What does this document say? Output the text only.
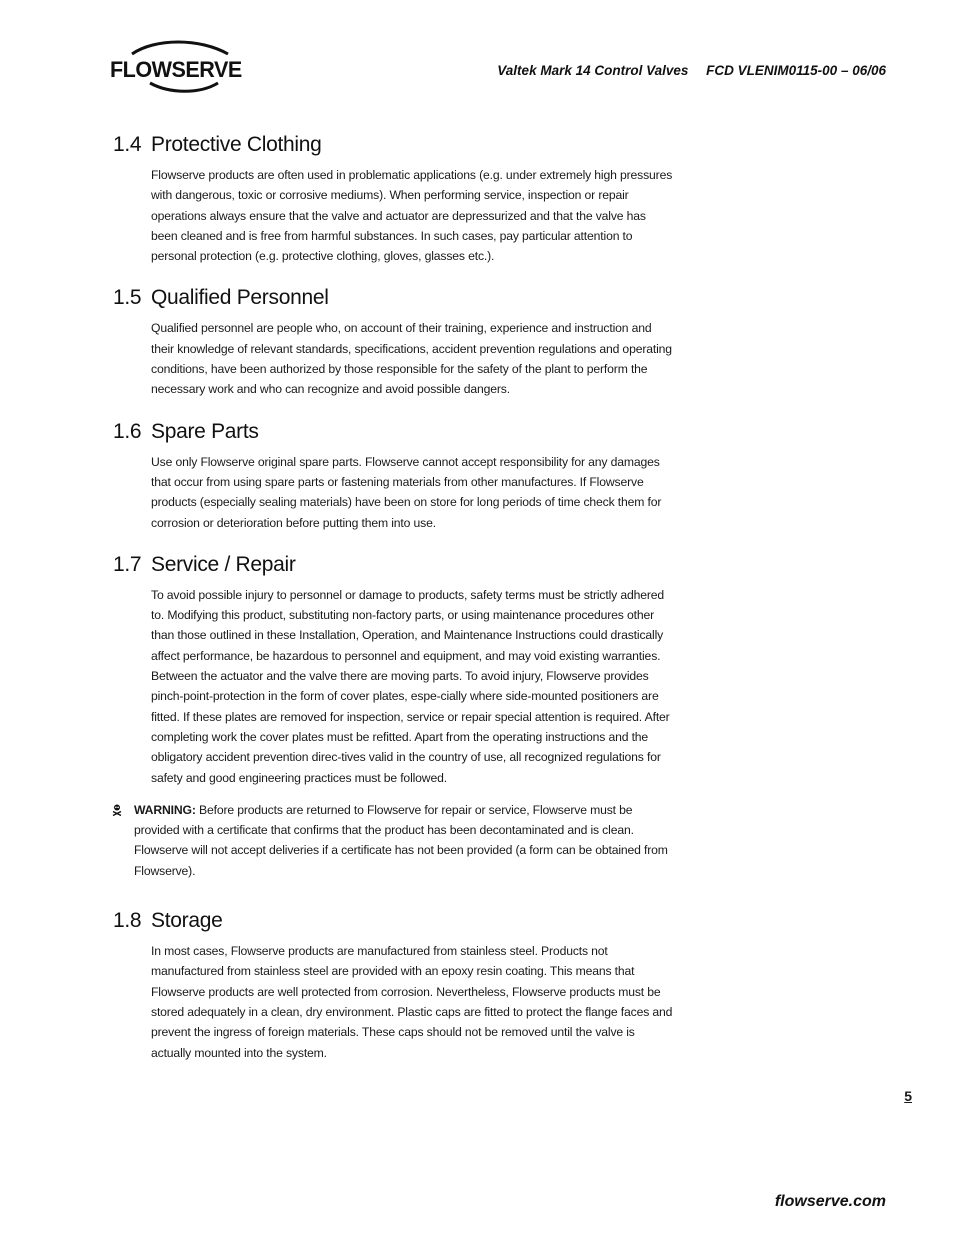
FLOWSERVE	Valtek Mark 14 Control Valves FCD VLENIM0115-00 – 06/06
1.4 Protective Clothing

Flowserve products are often used in problematic applications (e.g. under extremely high pressures with dangerous, toxic or corrosive mediums). When performing service, inspection or repair operations always ensure that the valve and actuator are depressurized and that the valve has been cleaned and is free from harmful substances. In such cases, pay particular attention to personal protection (e.g. protective clothing, gloves, glasses etc.).

1.5 Qualified Personnel

Qualified personnel are people who, on account of their training, experience and instruction and their knowledge of relevant standards, specifications, accident prevention regulations and operating conditions, have been authorized by those responsible for the safety of the plant to perform the necessary work and who can recognize and avoid possible dangers.

1.6 Spare Parts

Use only Flowserve original spare parts. Flowserve cannot accept responsibility for any damages that occur from using spare parts or fastening materials from other manufactures. If Flowserve products (especially sealing materials) have been on store for long periods of time check them for corrosion or deterioration before putting them into use.

1.7 Service / Repair

To avoid possible injury to personnel or damage to products, safety terms must be strictly adhered to. Modifying this product, substituting non-factory parts, or using maintenance procedures other than those outlined in these Installation, Operation, and Maintenance Instructions could drastically affect performance, be hazardous to personnel and equipment, and may void existing warranties. Between the actuator and the valve there are moving parts. To avoid injury, Flowserve provides pinch-point-protection in the form of cover plates, espe-cially where side-mounted positioners are fitted. If these plates are removed for inspection, service or repair special attention is required. After completing work the cover plates must be refitted. Apart from the operating instructions and the obligatory accident prevention direc-tives valid in the country of use, all recognized regulations for safety and good engineering practices must be followed.

WARNING: Before products are returned to Flowserve for repair or service, Flowserve must be provided with a certificate that confirms that the product has been decontaminated and is clean. Flowserve will not accept deliveries if a certificate has not been provided (a form can be obtained from Flowserve).

1.8 Storage

In most cases, Flowserve products are manufactured from stainless steel. Products not manufactured from stainless steel are provided with an epoxy resin coating. This means that Flowserve products are well protected from corrosion. Nevertheless, Flowserve products must be stored adequately in a clean, dry environment. Plastic caps are fitted to protect the flange faces and prevent the ingress of foreign materials. These caps should not be removed until the valve is actually mounted into the system.

5
flowserve.com
